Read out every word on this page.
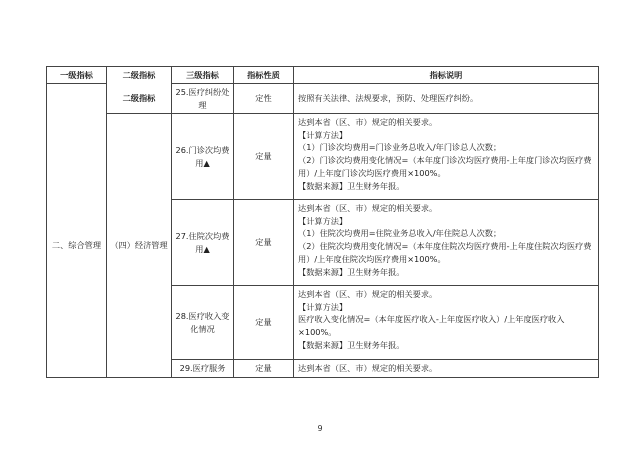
一级指标	二级指标	三级指标	指标性质	指标说明
	二级指标	25.医疗纠纷处理	定性	按照有关法律、法规要求，预防、处理医疗纠纷。

二、综合管理	（四）经济管理	26.门诊次均费用▲	定量	达到本省（区、市）规定的相关要求。
【计算方法】
（1）门诊次均费用=门诊业务总收入/年门诊总人次数；
（2）门诊次均费用变化情况=（本年度门诊次均医疗费用-上年度门诊次均医疗费用）/上年度门诊次均医疗费用×100%。
【数据来源】卫生财务年报。

		27.住院次均费用▲	定量	达到本省（区、市）规定的相关要求。
【计算方法】
（1）住院次均费用=住院业务总收入/年住院总人次数；
（2）住院次均费用变化情况=（本年度住院次均医疗费用-上年度住院次均医疗费用）/上年度住院次均医疗费用×100%。
【数据来源】卫生财务年报。

		28.医疗收入变化情况	定量	达到本省（区、市）规定的相关要求。
【计算方法】
医疗收入变化情况=（本年度医疗收入-上年度医疗收入）/上年度医疗收入×100%。
【数据来源】卫生财务年报。

		29.医疗服务	定量	达到本省（区、市）规定的相关要求。
9
